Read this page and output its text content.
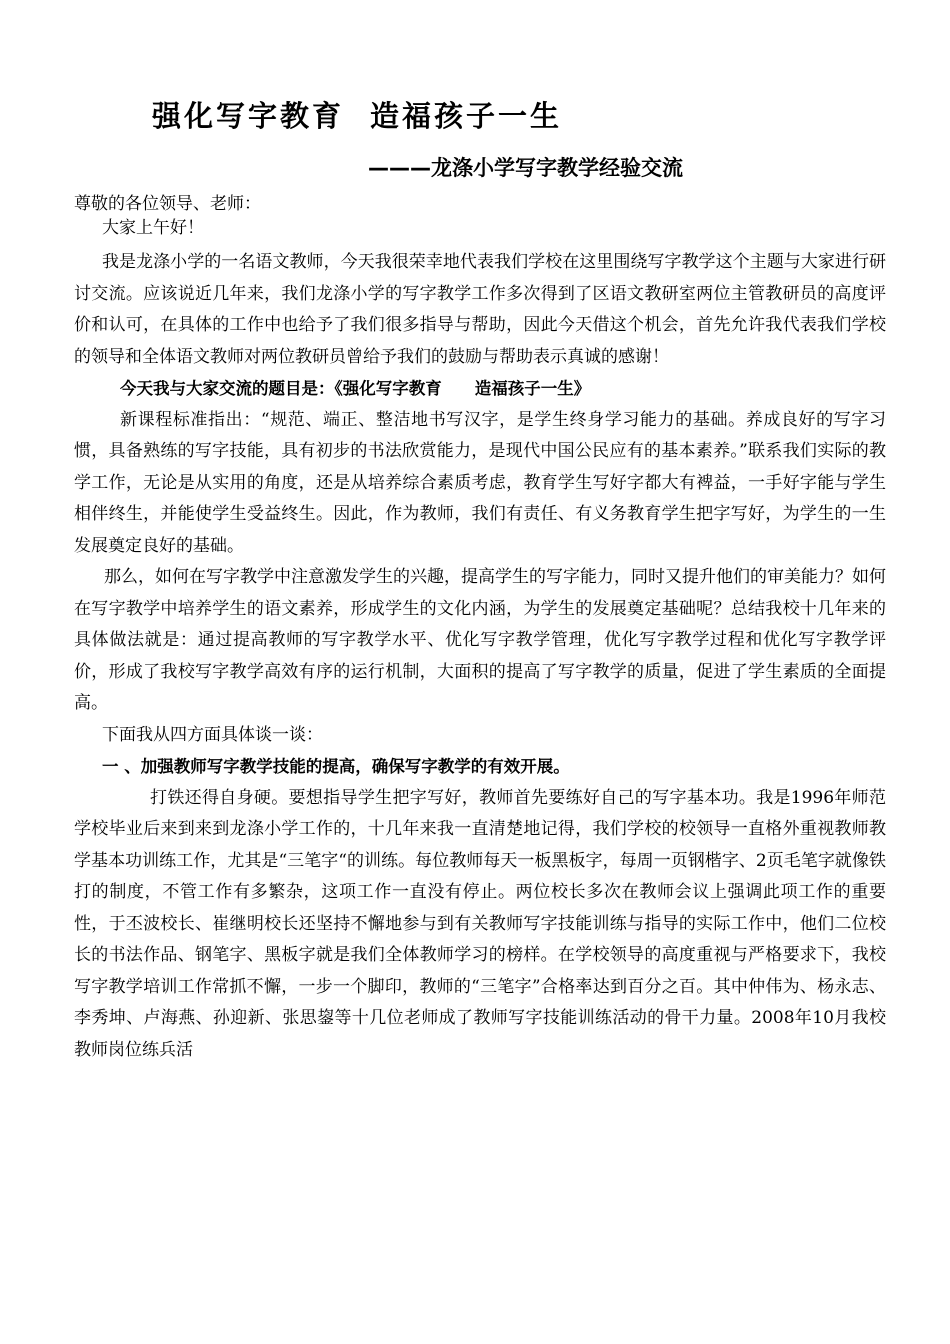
强化写字教育 造福孩子一生
———龙涤小学写字教学经验交流

尊敬的各位领导、老师：

大家上午好！

我是龙涤小学的一名语文教师，今天我很荣幸地代表我们学校在这里围绕写字教学这个主题与大家进行研讨交流。应该说近几年来，我们龙涤小学的写字教学工作多次得到了区语文教研室两位主管教研员的高度评价和认可，在具体的工作中也给予了我们很多指导与帮助，因此今天借这个机会，首先允许我代表我们学校的领导和全体语文教师对两位教研员曾给予我们的鼓励与帮助表示真诚的感谢！

今天我与大家交流的题目是：《强化写字教育　　造福孩子一生》

新课程标准指出：“规范、端正、整洁地书写汉字，是学生终身学习能力的基础。养成良好的写字习惯，具备熟练的写字技能，具有初步的书法欣赏能力，是现代中国公民应有的基本素养。”联系我们实际的教学工作，无论是从实用的角度，还是从培养综合素质考虑，教育学生写好字都大有裨益，一手好字能与学生相伴终生，并能使学生受益终生。因此，作为教师，我们有责任、有义务教育学生把字写好，为学生的一生发展奠定良好的基础。

那么，如何在写字教学中注意激发学生的兴趣，提高学生的写字能力，同时又提升他们的审美能力？如何在写字教学中培养学生的语文素养，形成学生的文化内涵，为学生的发展奠定基础呢？总结我校十几年来的具体做法就是：通过提高教师的写字教学水平、优化写字教学管理，优化写字教学过程和优化写字教学评价，形成了我校写字教学高效有序的运行机制，大面积的提高了写字教学的质量，促进了学生素质的全面提高。

下面我从四方面具体谈一谈：

一 、加强教师写字教学技能的提高，确保写字教学的有效开展。

打铁还得自身硬。要想指导学生把字写好，教师首先要练好自己的写字基本功。我是1996年师范学校毕业后来到来到龙涤小学工作的，十几年来我一直清楚地记得，我们学校的校领导一直格外重视教师教学基本功训练工作，尤其是“三笔字“的训练。每位教师每天一板黑板字，每周一页钢楷字、2页毛笔字就像铁打的制度，不管工作有多繁杂，这项工作一直没有停止。两位校长多次在教师会议上强调此项工作的重要性，于丕波校长、崔继明校长还坚持不懈地参与到有关教师写字技能训练与指导的实际工作中，他们二位校长的书法作品、钢笔字、黑板字就是我们全体教师学习的榜样。在学校领导的高度重视与严格要求下，我校写字教学培训工作常抓不懈，一步一个脚印，教师的“三笔字”合格率达到百分之百。其中仲伟为、杨永志、李秀坤、卢海燕、孙迎新、张思鋆等十几位老师成了教师写字技能训练活动的骨干力量。2008年10月我校教师岗位练兵活
